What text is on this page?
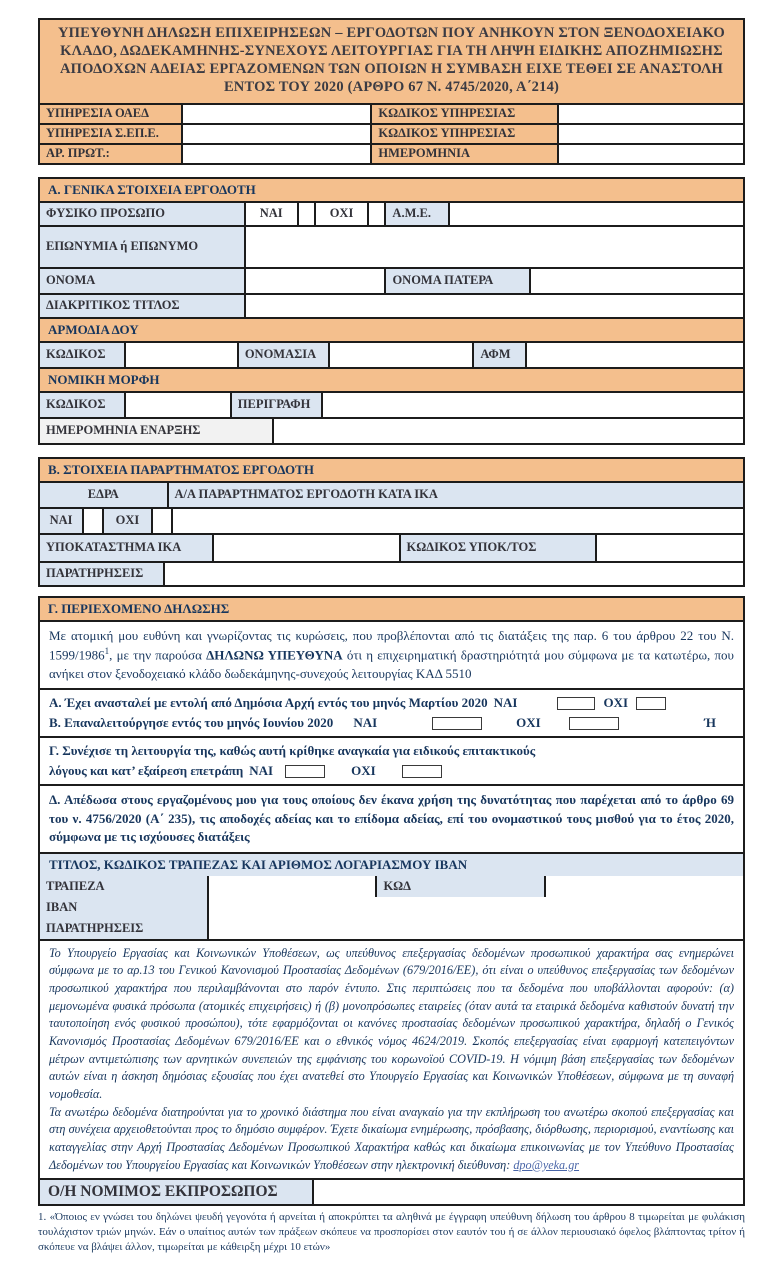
ΥΠΕΥΘΥΝΗ ΔΗΛΩΣΗ ΕΠΙΧΕΙΡΗΣΕΩΝ – ΕΡΓΟΔΟΤΩΝ ΠΟΥ ΑΝΗΚΟΥΝ ΣΤΟΝ ΞΕΝΟΔΟΧΕΙΑΚΟ ΚΛΑΔΟ, ΔΩΔΕΚΑΜΗΝΗΣ-ΣΥΝΕΧΟΥΣ ΛΕΙΤΟΥΡΓΙΑΣ ΓΙΑ ΤΗ ΛΗΨΗ ΕΙΔΙΚΗΣ ΑΠΟΖΗΜΙΩΣΗΣ ΑΠΟΔΟΧΩΝ ΑΔΕΙΑΣ ΕΡΓΑΖΟΜΕΝΩΝ ΤΩΝ ΟΠΟΙΩΝ Η ΣΥΜΒΑΣΗ ΕΙΧΕ ΤΕΘΕΙ ΣΕ ΑΝΑΣΤΟΛΗ ΕΝΤΟΣ ΤΟΥ 2020 (ΑΡΘΡΟ 67 Ν. 4745/2020, Α΄214)
ΥΠΗΡΕΣΙΑ ΟΑΕΔ	ΚΩΔΙΚΟΣ ΥΠΗΡΕΣΙΑΣ
ΥΠΗΡΕΣΙΑ Σ.ΕΠ.Ε.	ΚΩΔΙΚΟΣ ΥΠΗΡΕΣΙΑΣ
ΑΡ. ΠΡΩΤ.:	ΗΜΕΡΟΜΗΝΙΑ
Α. ΓΕΝΙΚΑ ΣΤΟΙΧΕΙΑ ΕΡΓΟΔΟΤΗ
ΦΥΣΙΚΟ ΠΡΟΣΩΠΟ	ΝΑΙ	ΟΧΙ	Α.Μ.Ε.
ΕΠΩΝΥΜΙΑ ή ΕΠΩΝΥΜΟ
ΟΝΟΜΑ	ΟΝΟΜΑ ΠΑΤΕΡΑ
ΔΙΑΚΡΙΤΙΚΟΣ ΤΙΤΛΟΣ
ΑΡΜΟΔΙΑ ΔΟΥ
ΚΩΔΙΚΟΣ	ΟΝΟΜΑΣΙΑ	ΑΦΜ
ΝΟΜΙΚΗ ΜΟΡΦΗ
ΚΩΔΙΚΟΣ	ΠΕΡΙΓΡΑΦΗ
ΗΜΕΡΟΜΗΝΙΑ ΕΝΑΡΞΗΣ
Β. ΣΤΟΙΧΕΙΑ ΠΑΡΑΡΤΗΜΑΤΟΣ ΕΡΓΟΔΟΤΗ
ΕΔΡΑ	Α/Α ΠΑΡΑΡΤΗΜΑΤΟΣ ΕΡΓΟΔΟΤΗ ΚΑΤΑ ΙΚΑ
ΝΑΙ	ΟΧΙ
ΥΠΟΚΑΤΑΣΤΗΜΑ ΙΚΑ	ΚΩΔΙΚΟΣ ΥΠΟΚ/ΤΟΣ
ΠΑΡΑΤΗΡΗΣΕΙΣ
Γ. ΠΕΡΙΕΧΟΜΕΝΟ ΔΗΛΩΣΗΣ
Με ατομική μου ευθύνη και γνωρίζοντας τις κυρώσεις, που προβλέπονται από τις διατάξεις της παρ. 6 του άρθρου 22 του Ν. 1599/1986$^1$, με την παρούσα ΔΗΛΩΝΩ ΥΠΕΥΘΥΝΑ ότι η επιχειρηματική δραστηριότητά μου σύμφωνα με τα κατωτέρω, που ανήκει στον ξενοδοχειακό κλάδο δωδεκάμηνης-συνεχούς λειτουργίας ΚΑΔ 5510
Α. Έχει ανασταλεί με εντολή από Δημόσια Αρχή εντός του μηνός Μαρτίου 2020 ΝΑΙ	ΟΧΙ
Β. Επαναλειτούργησε εντός του μηνός Ιουνίου 2020 ΝΑΙ	ΟΧΙ	Ή
Γ. Συνέχισε τη λειτουργία της, καθώς αυτή κρίθηκε αναγκαία για ειδικούς επιτακτικούς
λόγους και κατ’ εξαίρεση επετράπη ΝΑΙ	ΟΧΙ
Δ. Απέδωσα στους εργαζομένους μου για τους οποίους δεν έκανα χρήση της δυνατότητας που παρέχεται από το άρθρο 69 του ν. 4756/2020 (Α΄ 235), τις αποδοχές αδείας και το επίδομα αδείας, επί του ονομαστικού τους μισθού για το έτος 2020, σύμφωνα με τις ισχύουσες διατάξεις
ΤΙΤΛΟΣ, ΚΩΔΙΚΟΣ ΤΡΑΠΕΖΑΣ ΚΑΙ ΑΡΙΘΜΟΣ ΛΟΓΑΡΙΑΣΜΟΥ ΙΒΑΝ
ΤΡΑΠΕΖΑ	ΚΩΔ
ΙΒΑΝ
ΠΑΡΑΤΗΡΗΣΕΙΣ

Το Υπουργείο Εργασίας και Κοινωνικών Υποθέσεων, ως υπεύθυνος επεξεργασίας δεδομένων προσωπικού χαρακτήρα σας ενημερώνει σύμφωνα με το αρ.13 του Γενικού Κανονισμού Προστασίας Δεδομένων (679/2016/ΕΕ), ότι είναι ο υπεύθυνος επεξεργασίας των δεδομένων προσωπικού χαρακτήρα που περιλαμβάνονται στο παρόν έντυπο. Στις περιπτώσεις που τα δεδομένα που υποβάλλονται αφορούν: (α) μεμονωμένα φυσικά πρόσωπα (ατομικές επιχειρήσεις) ή (β) μονοπρόσωπες εταιρείες (όταν αυτά τα εταιρικά δεδομένα καθιστούν δυνατή την ταυτοποίηση ενός φυσικού προσώπου), τότε εφαρμόζονται οι κανόνες προστασίας δεδομένων προσωπικού χαρακτήρα, δηλαδή ο Γενικός Κανονισμός Προστασίας Δεδομένων 679/2016/ΕΕ και ο εθνικός νόμος 4624/2019. Σκοπός επεξεργασίας είναι εφαρμογή κατεπειγόντων μέτρων αντιμετώπισης των αρνητικών συνεπειών της εμφάνισης του κορωνοϊού COVID-19. Η νόμιμη βάση επεξεργασίας των δεδομένων αυτών είναι η άσκηση δημόσιας εξουσίας που έχει ανατεθεί στο Υπουργείο Εργασίας και Κοινωνικών Υποθέσεων, σύμφωνα με τη συναφή νομοθεσία.

Τα ανωτέρω δεδομένα διατηρούνται για το χρονικό διάστημα που είναι αναγκαίο για την εκπλήρωση του ανωτέρω σκοπού επεξεργασίας και στη συνέχεια αρχειοθετούνται προς το δημόσιο συμφέρον. Έχετε δικαίωμα ενημέρωσης, πρόσβασης, διόρθωσης, περιορισμού, εναντίωσης και καταγγελίας στην Αρχή Προστασίας Δεδομένων Προσωπικού Χαρακτήρα καθώς και δικαίωμα επικοινωνίας με τον Υπεύθυνο Προστασίας Δεδομένων του Υπουργείου Εργασίας και Κοινωνικών Υποθέσεων στην ηλεκτρονική διεύθυνση: dpo@yeka.gr

Ο/Η ΝΟΜΙΜΟΣ ΕΚΠΡΟΣΩΠΟΣ
1. «Όποιος εν γνώσει του δηλώνει ψευδή γεγονότα ή αρνείται ή αποκρύπτει τα αληθινά με έγγραφη υπεύθυνη δήλωση του άρθρου 8 τιμωρείται με φυλάκιση τουλάχιστον τριών μηνών. Εάν ο υπαίτιος αυτών των πράξεων σκόπευε να προσπορίσει στον εαυτόν του ή σε άλλον περιουσιακό όφελος βλάπτοντας τρίτον ή σκόπευε να βλάψει άλλον, τιμωρείται με κάθειρξη μέχρι 10 ετών»
